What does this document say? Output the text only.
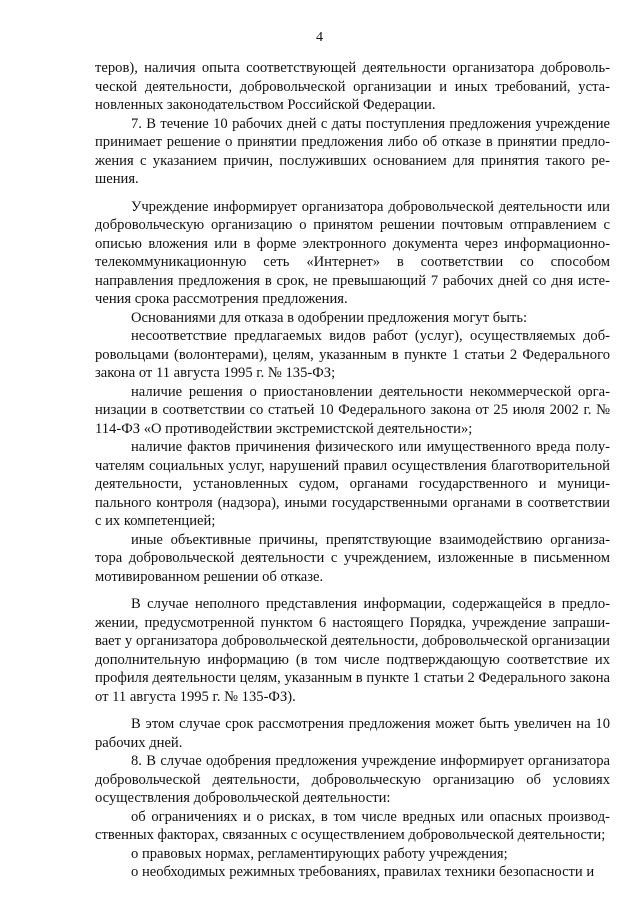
4

теров), наличия опыта соответствующей деятельности организатора добровольческой деятельности, добровольческой организации и иных требований, установленных законодательством Российской Федерации.

7. В течение 10 рабочих дней с даты поступления предложения учреждение принимает решение о принятии предложения либо об отказе в принятии предложения с указанием причин, послуживших основанием для принятия такого решения.

Учреждение информирует организатора добровольческой деятельности или добровольческую организацию о принятом решении почтовым отправлением с описью вложения или в форме электронного документа через информационно-телекоммуникационную сеть «Интернет» в соответствии со способом направления предложения в срок, не превышающий 7 рабочих дней со дня истечения срока рассмотрения предложения.

Основаниями для отказа в одобрении предложения могут быть:

несоответствие предлагаемых видов работ (услуг), осуществляемых добровольцами (волонтерами), целям, указанным в пункте 1 статьи 2 Федерального закона от 11 августа 1995 г. № 135-ФЗ;

наличие решения о приостановлении деятельности некоммерческой организации в соответствии со статьей 10 Федерального закона от 25 июля 2002 г. № 114-ФЗ «О противодействии экстремистской деятельности»;

наличие фактов причинения физического или имущественного вреда получателям социальных услуг, нарушений правил осуществления благотворительной деятельности, установленных судом, органами государственного и муниципального контроля (надзора), иными государственными органами в соответствии с их компетенцией;

иные объективные причины, препятствующие взаимодействию организатора добровольческой деятельности с учреждением, изложенные в письменном мотивированном решении об отказе.

В случае неполного представления информации, содержащейся в предложении, предусмотренной пунктом 6 настоящего Порядка, учреждение запрашивает у организатора добровольческой деятельности, добровольческой организации дополнительную информацию (в том числе подтверждающую соответствие их профиля деятельности целям, указанным в пункте 1 статьи 2 Федерального закона от 11 августа 1995 г. № 135-ФЗ).

В этом случае срок рассмотрения предложения может быть увеличен на 10 рабочих дней.

8. В случае одобрения предложения учреждение информирует организатора добровольческой деятельности, добровольческую организацию об условиях осуществления добровольческой деятельности:

об ограничениях и о рисках, в том числе вредных или опасных производственных факторах, связанных с осуществлением добровольческой деятельности;

о правовых нормах, регламентирующих работу учреждения;

о необходимых режимных требованиях, правилах техники безопасности и
